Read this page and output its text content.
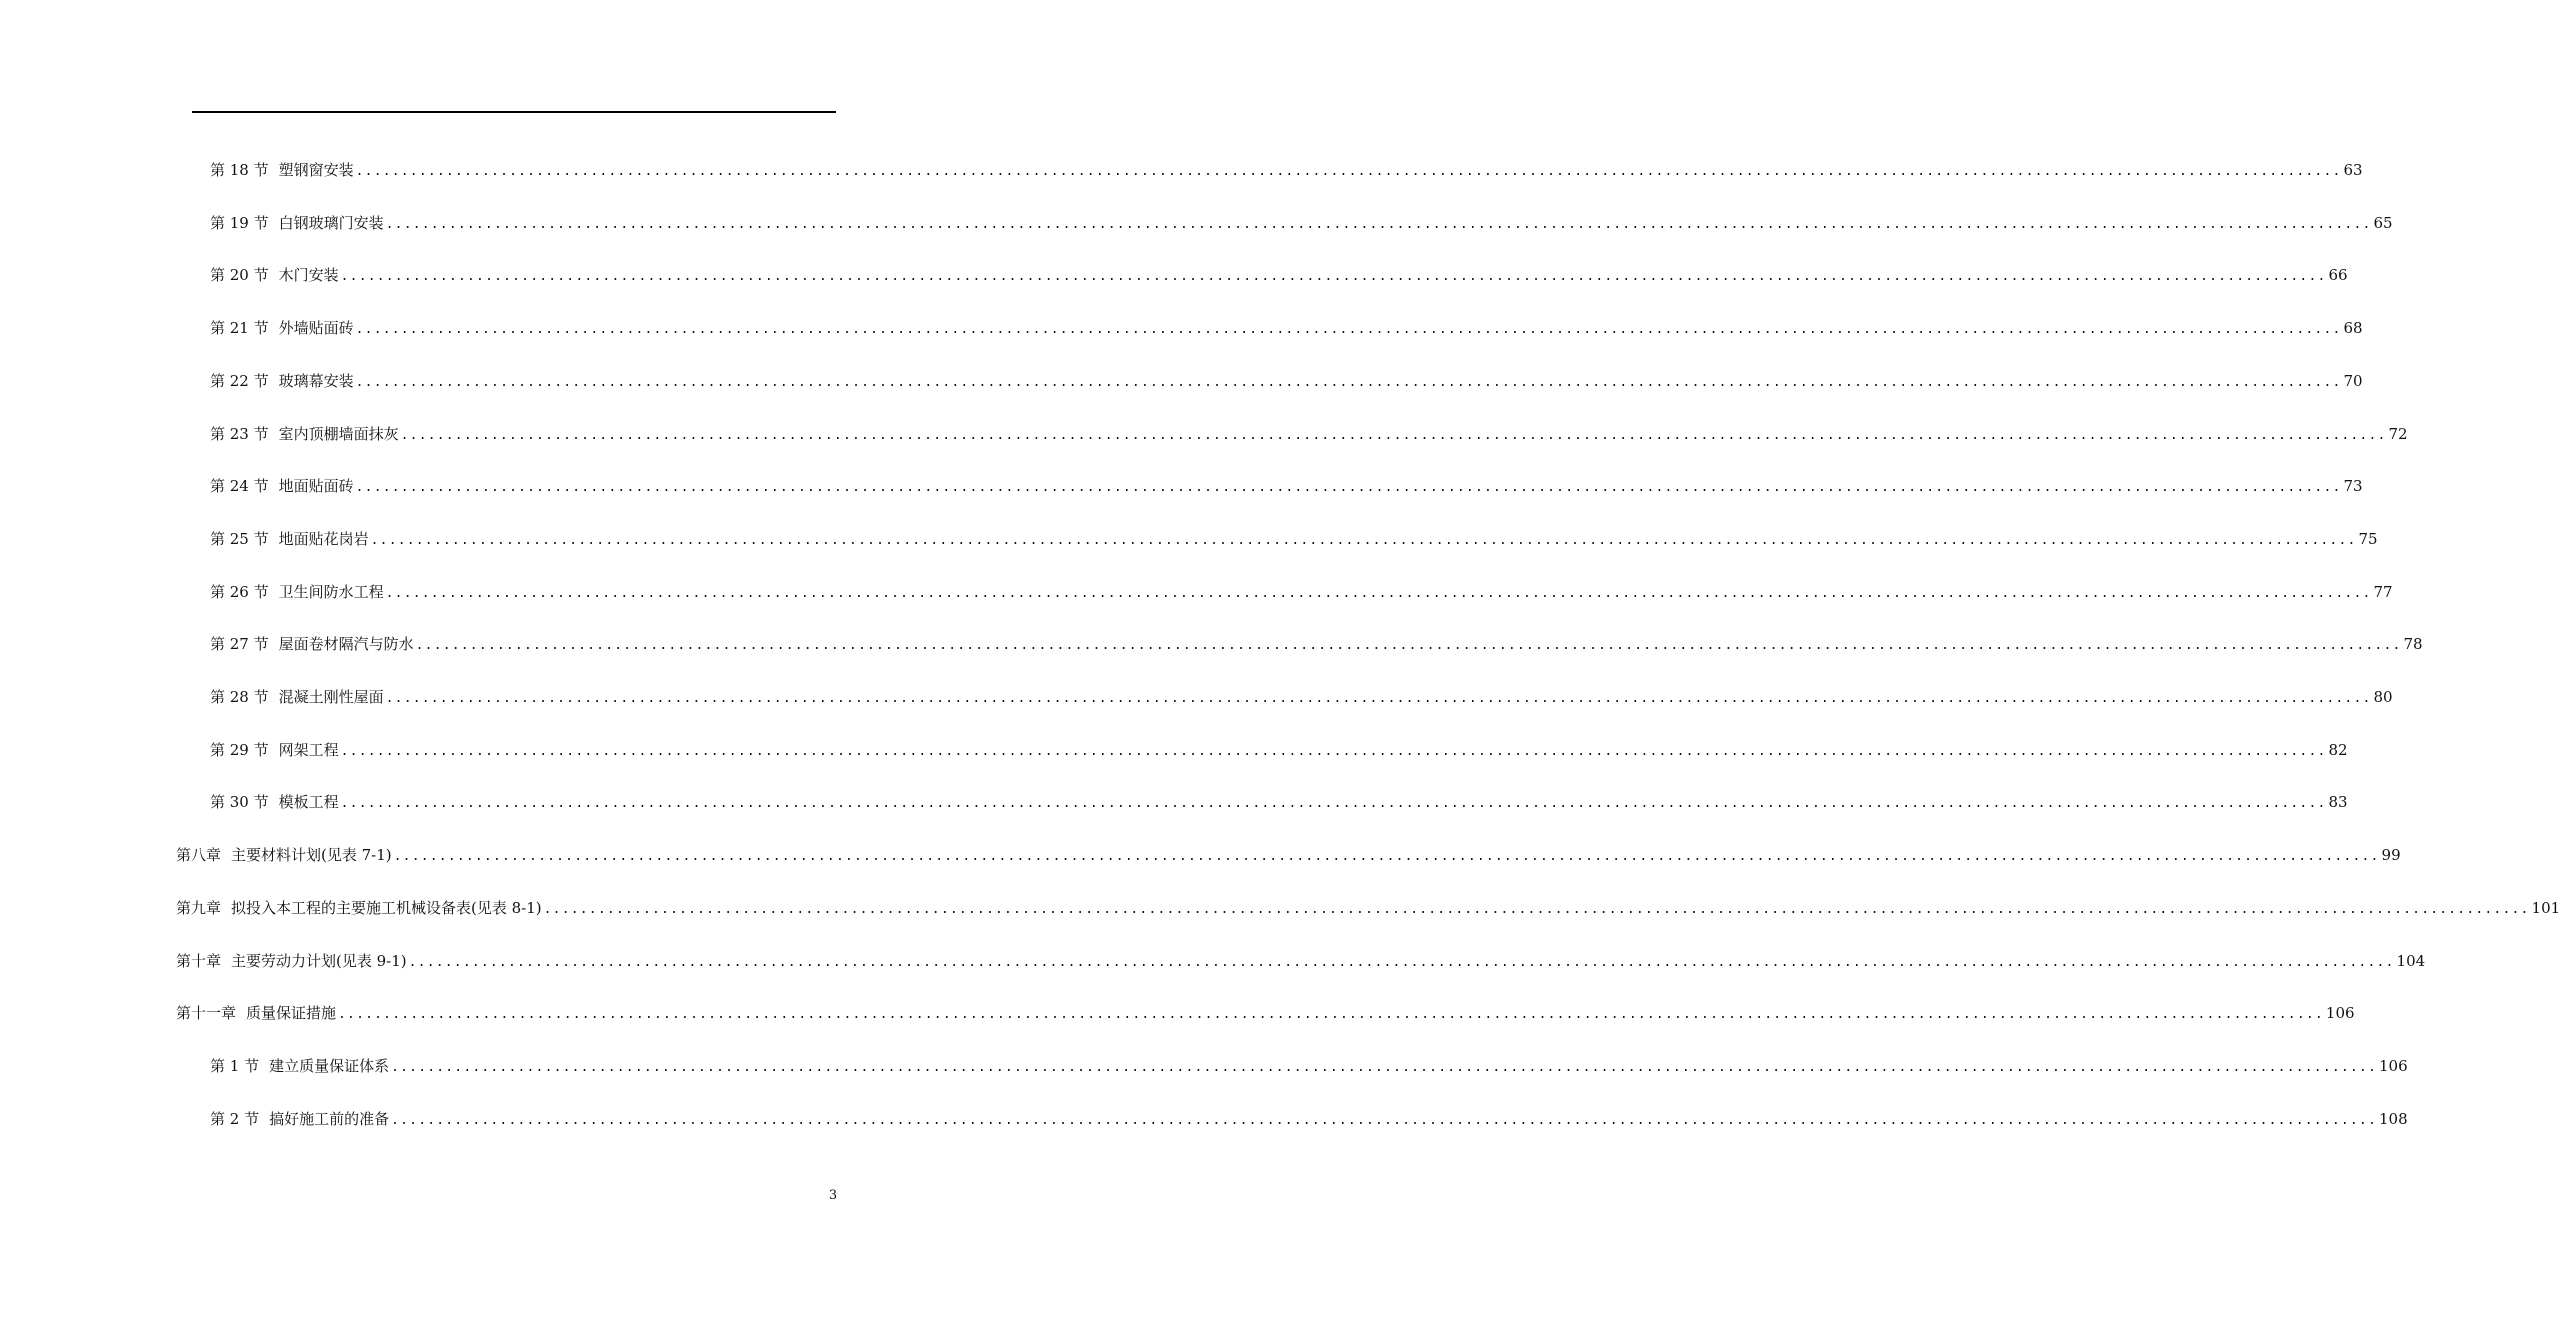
第 18 节 塑钢窗安装 ............................................................................................................................................................................................................................ 63
第 19 节 白钢玻璃门安装 ............................................................................................................................................................................................................................ 65
第 20 节 木门安装 ............................................................................................................................................................................................................................ 66
第 21 节 外墙贴面砖 ............................................................................................................................................................................................................................ 68
第 22 节 玻璃幕安装 ............................................................................................................................................................................................................................ 70
第 23 节 室内顶棚墙面抹灰 ............................................................................................................................................................................................................................ 72
第 24 节 地面贴面砖 ............................................................................................................................................................................................................................ 73
第 25 节 地面贴花岗岩 ............................................................................................................................................................................................................................ 75
第 26 节 卫生间防水工程 ............................................................................................................................................................................................................................ 77
第 27 节 屋面卷材隔汽与防水 ............................................................................................................................................................................................................................ 78
第 28 节 混凝土刚性屋面 ............................................................................................................................................................................................................................ 80
第 29 节 网架工程 ............................................................................................................................................................................................................................ 82
第 30 节 模板工程 ............................................................................................................................................................................................................................ 83
第八章 主要材料计划(见表 7-1) ............................................................................................................................................................................................................................ 99
第九章 拟投入本工程的主要施工机械设备表(见表 8-1) ............................................................................................................................................................................................................................ 101
第十章 主要劳动力计划(见表 9-1) ............................................................................................................................................................................................................................ 104
第十一章 质量保证措施 ............................................................................................................................................................................................................................ 106
第 1 节 建立质量保证体系 ............................................................................................................................................................................................................................ 106
第 2 节 搞好施工前的准备 ............................................................................................................................................................................................................................ 108
3
